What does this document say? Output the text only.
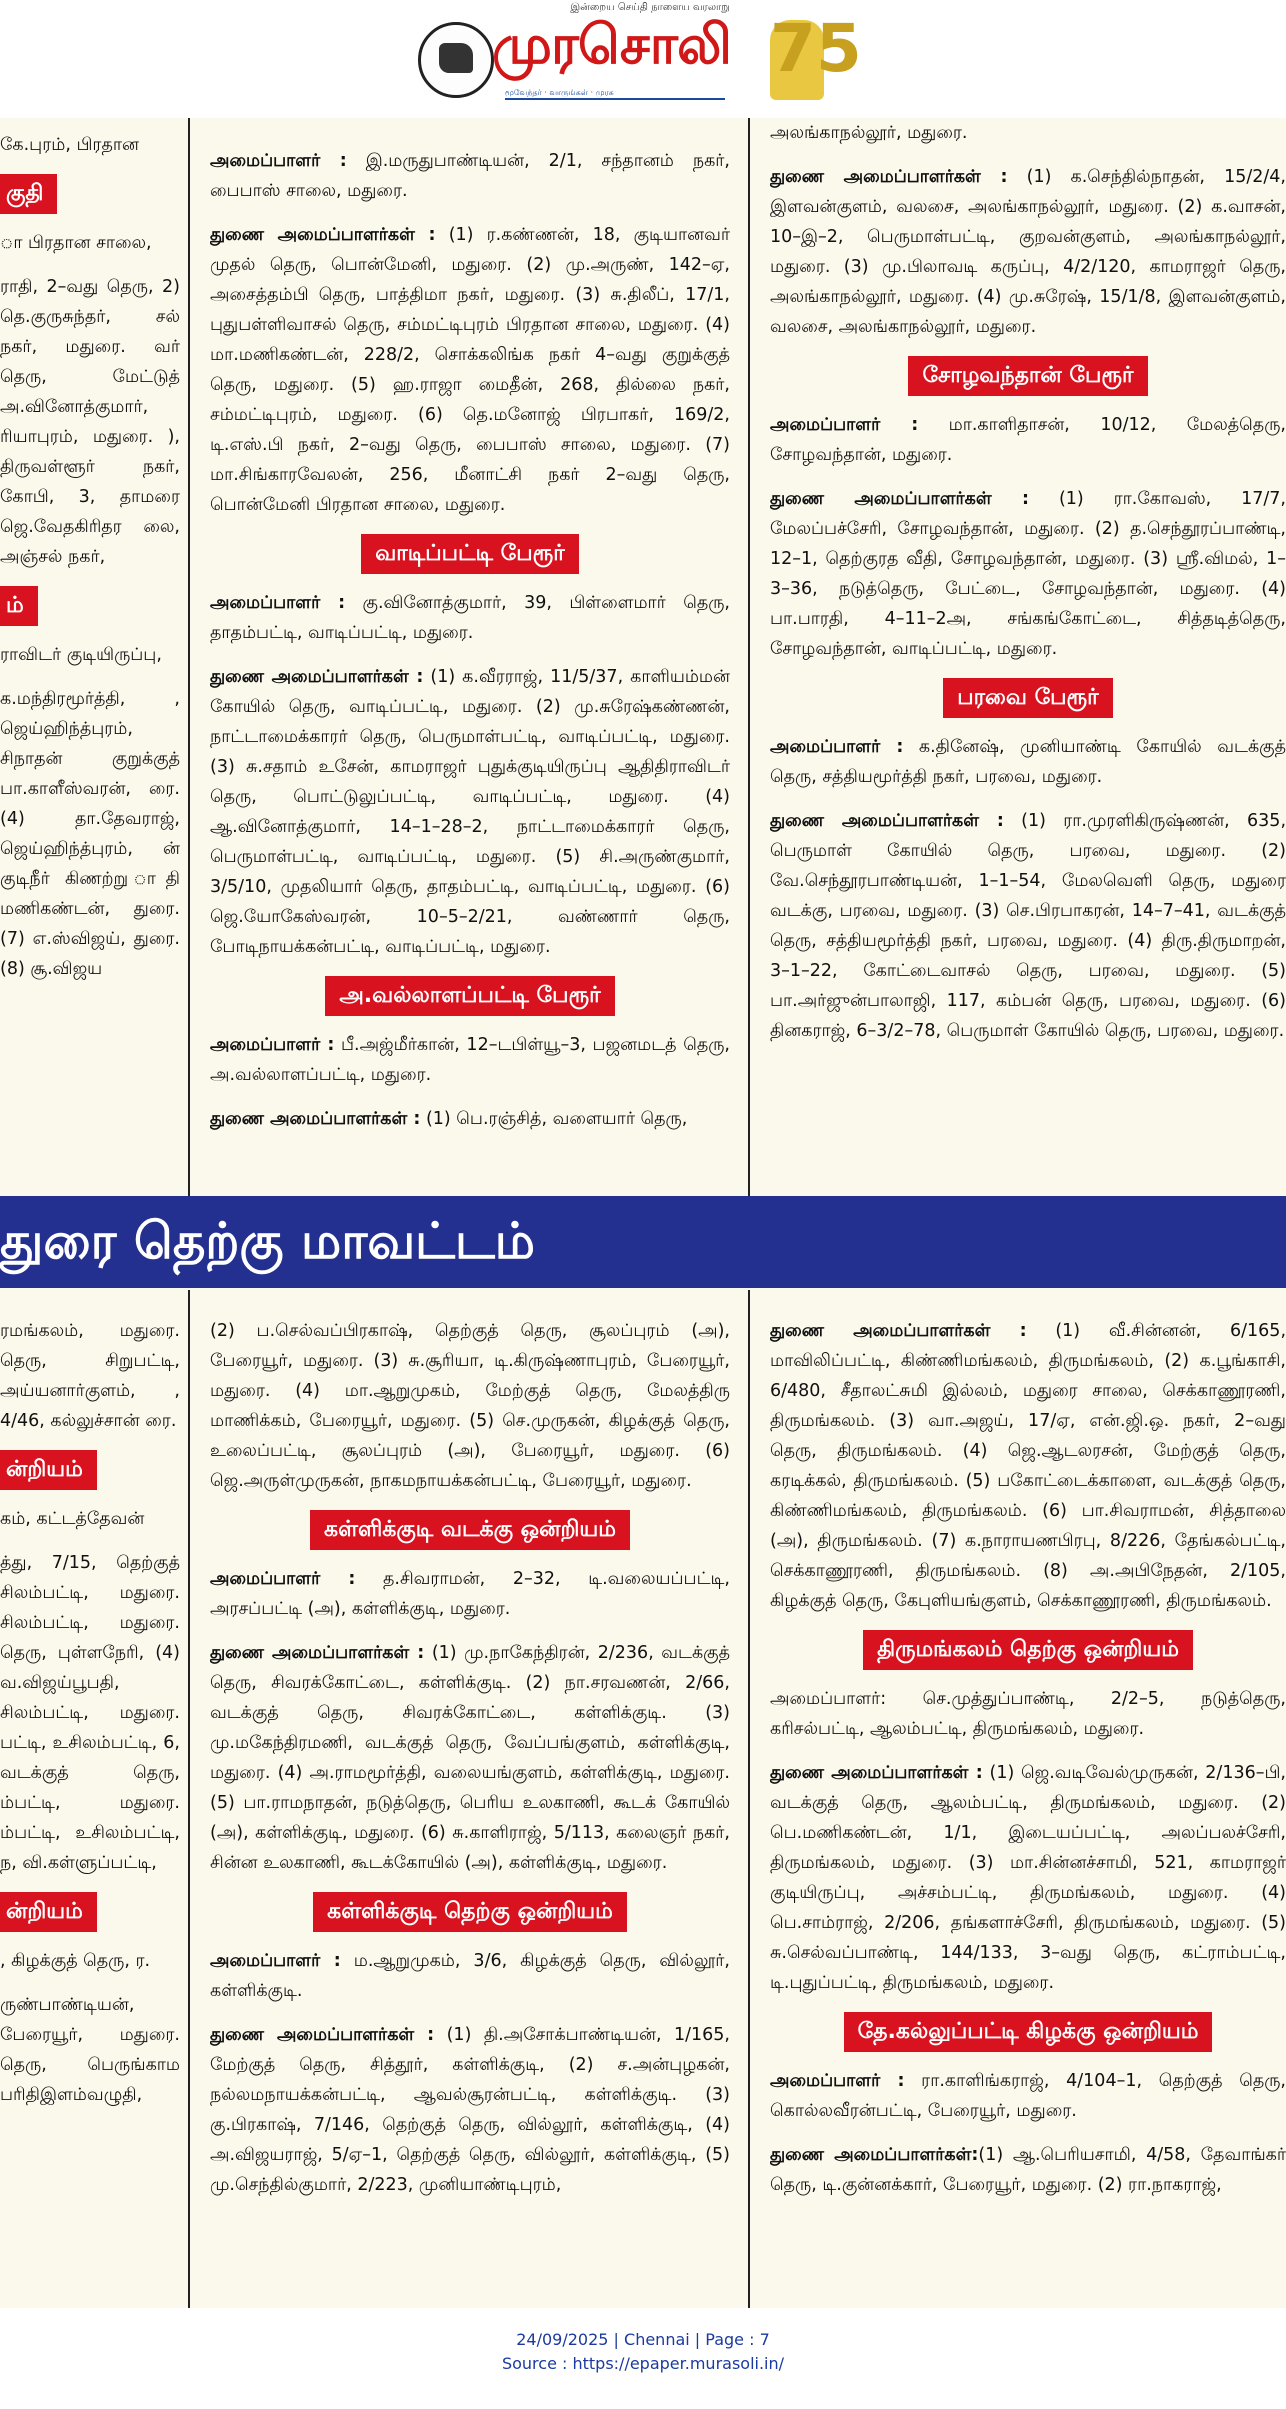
இன்றைய செய்தி நாளைய வரலாறு
முரசொலி
மூவேந்தர் · வாருங்கள் · முரசு
75

கே.புரம், பிரதான

குதி

ா பிரதான சாலை,

ராதி, 2–வது தெரு, 2) தெ.குருசுந்தர், சல் நகர், மதுரை. வர் தெரு, மேட்டுத் அ.வினோத்குமார், ரியாபுரம், மதுரை. ), திருவள்ளூர் நகர், கோபி, 3, தாமரை ஜெ.வேதகிரிதர லை, அஞ்சல் நகர்,

ம்

ராவிடர் குடியிருப்பு,

க.மந்திரமூர்த்தி, , ஜெய்ஹிந்த்புரம், சிநாதன் குறுக்குத் பா.காளீஸ்வரன், ரை. (4) தா.தேவராஜ், ஜெய்ஹிந்த்புரம், ன் குடிநீர் கிணற்று ாதி மணிகண்டன், துரை. (7) எ.ஸ்விஜய், துரை. (8) சூ.விஜய

அமைப்பாளர் : இ.மருதுபாண்டியன், 2/1, சந்தானம் நகர், பைபாஸ் சாலை, மதுரை.

துணை அமைப்பாளர்கள் : (1) ர.கண்ணன், 18, குடியானவர் முதல் தெரு, பொன்மேனி, மதுரை. (2) மு.அருண், 142–ஏ, அசைத்தம்பி தெரு, பாத்திமா நகர், மதுரை. (3) சு.திலீப், 17/1, புதுபள்ளிவாசல் தெரு, சம்மட்டிபுரம் பிரதான சாலை, மதுரை. (4) மா.மணிகண்டன், 228/2, சொக்கலிங்க நகர் 4–வது குறுக்குத் தெரு, மதுரை. (5) ஹ.ராஜா மைதீன், 268, தில்லை நகர், சம்மட்டிபுரம், மதுரை. (6) தெ.மனோஜ் பிரபாகர், 169/2, டி.எஸ்.பி நகர், 2–வது தெரு, பைபாஸ் சாலை, மதுரை. (7) மா.சிங்காரவேலன், 256, மீனாட்சி நகர் 2–வது தெரு, பொன்மேனி பிரதான சாலை, மதுரை.

வாடிப்பட்டி பேரூர்

அமைப்பாளர் : கு.வினோத்குமார், 39, பிள்ளைமார் தெரு, தாதம்பட்டி, வாடிப்பட்டி, மதுரை.

துணை அமைப்பாளர்கள் : (1) க.வீரராஜ், 11/5/37, காளியம்மன் கோயில் தெரு, வாடிப்பட்டி, மதுரை. (2) மு.சுரேஷ்கண்ணன், நாட்டாமைக்காரர் தெரு, பெருமாள்பட்டி, வாடிப்பட்டி, மதுரை. (3) சு.சதாம் உசேன், காமராஜர் புதுக்குடியிருப்பு ஆதிதிராவிடர் தெரு, பொட்டுலுப்பட்டி, வாடிப்பட்டி, மதுரை. (4) ஆ.வினோத்குமார், 14–1–28–2, நாட்டாமைக்காரர் தெரு, பெருமாள்பட்டி, வாடிப்பட்டி, மதுரை. (5) சி.அருண்குமார், 3/5/10, முதலியார் தெரு, தாதம்பட்டி, வாடிப்பட்டி, மதுரை. (6) ஜெ.யோகேஸ்வரன், 10–5–2/21, வண்ணார் தெரு, போடிநாயக்கன்பட்டி, வாடிப்பட்டி, மதுரை.

அ.வல்லாளப்பட்டி பேரூர்

அமைப்பாளர் : பீ.அஜ்மீர்கான், 12–டபிள்யூ–3, பஜனமடத் தெரு, அ.வல்லாளப்பட்டி, மதுரை.

துணை அமைப்பாளர்கள் : (1) பெ.ரஞ்சித், வளையார் தெரு,

அலங்காநல்லூர், மதுரை.

துணை அமைப்பாளர்கள் : (1) க.செந்தில்நாதன், 15/2/4, இளவன்குளம், வலசை, அலங்காநல்லூர், மதுரை. (2) க.வாசன், 10–இ–2, பெருமாள்பட்டி, குறவன்குளம், அலங்காநல்லூர், மதுரை. (3) மு.பிலாவடி கருப்பு, 4/2/120, காமராஜர் தெரு, அலங்காநல்லூர், மதுரை. (4) மு.சுரேஷ், 15/1/8, இளவன்குளம், வலசை, அலங்காநல்லூர், மதுரை.

சோழவந்தான் பேரூர்

அமைப்பாளர் : மா.காளிதாசன், 10/12, மேலத்தெரு, சோழவந்தான், மதுரை.

துணை அமைப்பாளர்கள் : (1) ரா.கோவஸ், 17/7, மேலப்பச்சேரி, சோழவந்தான், மதுரை. (2) த.செந்தூரப்பாண்டி, 12–1, தெற்குரத வீதி, சோழவந்தான், மதுரை. (3) ஸ்ரீ.விமல், 1–3–36, நடுத்தெரு, பேட்டை, சோழவந்தான், மதுரை. (4) பா.பாரதி, 4–11–2அ, சங்கங்கோட்டை, சித்தடித்தெரு, சோழவந்தான், வாடிப்பட்டி, மதுரை.

பரவை பேரூர்

அமைப்பாளர் : க.தினேஷ், முனியாண்டி கோயில் வடக்குத் தெரு, சத்தியமூர்த்தி நகர், பரவை, மதுரை.

துணை அமைப்பாளர்கள் : (1) ரா.முரளிகிருஷ்ணன், 635, பெருமாள் கோயில் தெரு, பரவை, மதுரை. (2) வே.செந்தூரபாண்டியன், 1–1–54, மேலவெளி தெரு, மதுரை வடக்கு, பரவை, மதுரை. (3) செ.பிரபாகரன், 14–7–41, வடக்குத் தெரு, சத்தியமூர்த்தி நகர், பரவை, மதுரை. (4) திரு.திருமாறன், 3–1–22, கோட்டைவாசல் தெரு, பரவை, மதுரை. (5) பா.அர்ஜுன்பாலாஜி, 117, கம்பன் தெரு, பரவை, மதுரை. (6) தினகராஜ், 6–3/2–78, பெருமாள் கோயில் தெரு, பரவை, மதுரை.

துரை தெற்கு மாவட்டம்

ரமங்கலம், மதுரை. தெரு, சிறுபட்டி, அய்யனார்குளம், , 4/46, கல்லுச்சான் ரை.

ன்றியம்

கம், கட்டத்தேவன்

த்து, 7/15, தெற்குத் சிலம்பட்டி, மதுரை. சிலம்பட்டி, மதுரை. தெரு, புள்ளநேரி, (4) வ.விஜய்பூபதி, சிலம்பட்டி, மதுரை. பட்டி, உசிலம்பட்டி, 6, வடக்குத் தெரு, ம்பட்டி, மதுரை. ம்பட்டி, உசிலம்பட்டி, ந, வி.கள்ளுப்பட்டி,

ன்றியம்

, கிழக்குத் தெரு, ர.

ருண்பாண்டியன், பேரையூர், மதுரை. தெரு, பெருங்காம பரிதிஇளம்வழுதி,

(2) ப.செல்வப்பிரகாஷ், தெற்குத் தெரு, சூலப்புரம் (அ), பேரையூர், மதுரை. (3) சு.சூரியா, டி.கிருஷ்ணாபுரம், பேரையூர், மதுரை. (4) மா.ஆறுமுகம், மேற்குத் தெரு, மேலத்திரு மாணிக்கம், பேரையூர், மதுரை. (5) செ.முருகன், கிழக்குத் தெரு, உலைப்பட்டி, சூலப்புரம் (அ), பேரையூர், மதுரை. (6) ஜெ.அருள்முருகன், நாகமநாயக்கன்பட்டி, பேரையூர், மதுரை.

கள்ளிக்குடி வடக்கு ஒன்றியம்

அமைப்பாளர் : த.சிவராமன், 2–32, டி.வலையப்பட்டி, அரசப்பட்டி (அ), கள்ளிக்குடி, மதுரை.

துணை அமைப்பாளர்கள் : (1) மு.நாகேந்திரன், 2/236, வடக்குத் தெரு, சிவரக்கோட்டை, கள்ளிக்குடி. (2) நா.சரவணன், 2/66, வடக்குத் தெரு, சிவரக்கோட்டை, கள்ளிக்குடி. (3) மு.மகேந்திரமணி, வடக்குத் தெரு, வேப்பங்குளம், கள்ளிக்குடி, மதுரை. (4) அ.ராமமூர்த்தி, வலையங்குளம், கள்ளிக்குடி, மதுரை. (5) பா.ராமநாதன், நடுத்தெரு, பெரிய உலகாணி, கூடக் கோயில் (அ), கள்ளிக்குடி, மதுரை. (6) சு.காளிராஜ், 5/113, கலைஞர் நகர், சின்ன உலகாணி, கூடக்கோயில் (அ), கள்ளிக்குடி, மதுரை.

கள்ளிக்குடி தெற்கு ஒன்றியம்

அமைப்பாளர் : ம.ஆறுமுகம், 3/6, கிழக்குத் தெரு, வில்லூர், கள்ளிக்குடி.

துணை அமைப்பாளர்கள் : (1) தி.அசோக்பாண்டியன், 1/165, மேற்குத் தெரு, சித்தூர், கள்ளிக்குடி, (2) ச.அன்புழகன், நல்லமநாயக்கன்பட்டி, ஆவல்சூரன்பட்டி, கள்ளிக்குடி. (3) கு.பிரகாஷ், 7/146, தெற்குத் தெரு, வில்லூர், கள்ளிக்குடி, (4) அ.விஜயராஜ், 5/ஏ–1, தெற்குத் தெரு, வில்லூர், கள்ளிக்குடி, (5) மு.செந்தில்குமார், 2/223, முனியாண்டிபுரம்,

துணை அமைப்பாளர்கள் : (1) வீ.சின்னன், 6/165, மாவிலிப்பட்டி, கிண்ணிமங்கலம், திருமங்கலம், (2) க.பூங்காசி, 6/480, சீதாலட்சுமி இல்லம், மதுரை சாலை, செக்காணூரணி, திருமங்கலம். (3) வா.அஜய், 17/ஏ, என்.ஜி.ஒ. நகர், 2–வது தெரு, திருமங்கலம். (4) ஜெ.ஆடலரசன், மேற்குத் தெரு, கரடிக்கல், திருமங்கலம். (5) பகோட்டைக்காளை, வடக்குத் தெரு, கிண்ணிமங்கலம், திருமங்கலம். (6) பா.சிவராமன், சித்தாலை (அ), திருமங்கலம். (7) க.நாராயணபிரபு, 8/226, தேங்கல்பட்டி, செக்காணூரணி, திருமங்கலம். (8) அ.அபிநேதன், 2/105, கிழக்குத் தெரு, கேபுளியங்குளம், செக்காணூரணி, திருமங்கலம்.

திருமங்கலம் தெற்கு ஒன்றியம்

அமைப்பாளர்: செ.முத்துப்பாண்டி, 2/2–5, நடுத்தெரு, கரிசல்பட்டி, ஆலம்பட்டி, திருமங்கலம், மதுரை.

துணை அமைப்பாளர்கள் : (1) ஜெ.வடிவேல்முருகன், 2/136–பி, வடக்குத் தெரு, ஆலம்பட்டி, திருமங்கலம், மதுரை. (2) பெ.மணிகண்டன், 1/1, இடையப்பட்டி, அலப்பலச்சேரி, திருமங்கலம், மதுரை. (3) மா.சின்னச்சாமி, 521, காமராஜர் குடியிருப்பு, அச்சம்பட்டி, திருமங்கலம், மதுரை. (4) பெ.சாம்ராஜ், 2/206, தங்களாச்சேரி, திருமங்கலம், மதுரை. (5) சு.செல்வப்பாண்டி, 144/133, 3–வது தெரு, கட்ராம்பட்டி, டி.புதுப்பட்டி, திருமங்கலம், மதுரை.

தே.கல்லுப்பட்டி கிழக்கு ஒன்றியம்

அமைப்பாளர் : ரா.காளிங்கராஜ், 4/104–1, தெற்குத் தெரு, கொல்லவீரன்பட்டி, பேரையூர், மதுரை.

துணை அமைப்பாளர்கள்:(1) ஆ.பெரியசாமி, 4/58, தேவாங்கர் தெரு, டி.குன்னக்கார், பேரையூர், மதுரை. (2) ரா.நாகராஜ்,

24/09/2025 | Chennai | Page : 7
Source : https://epaper.murasoli.in/
